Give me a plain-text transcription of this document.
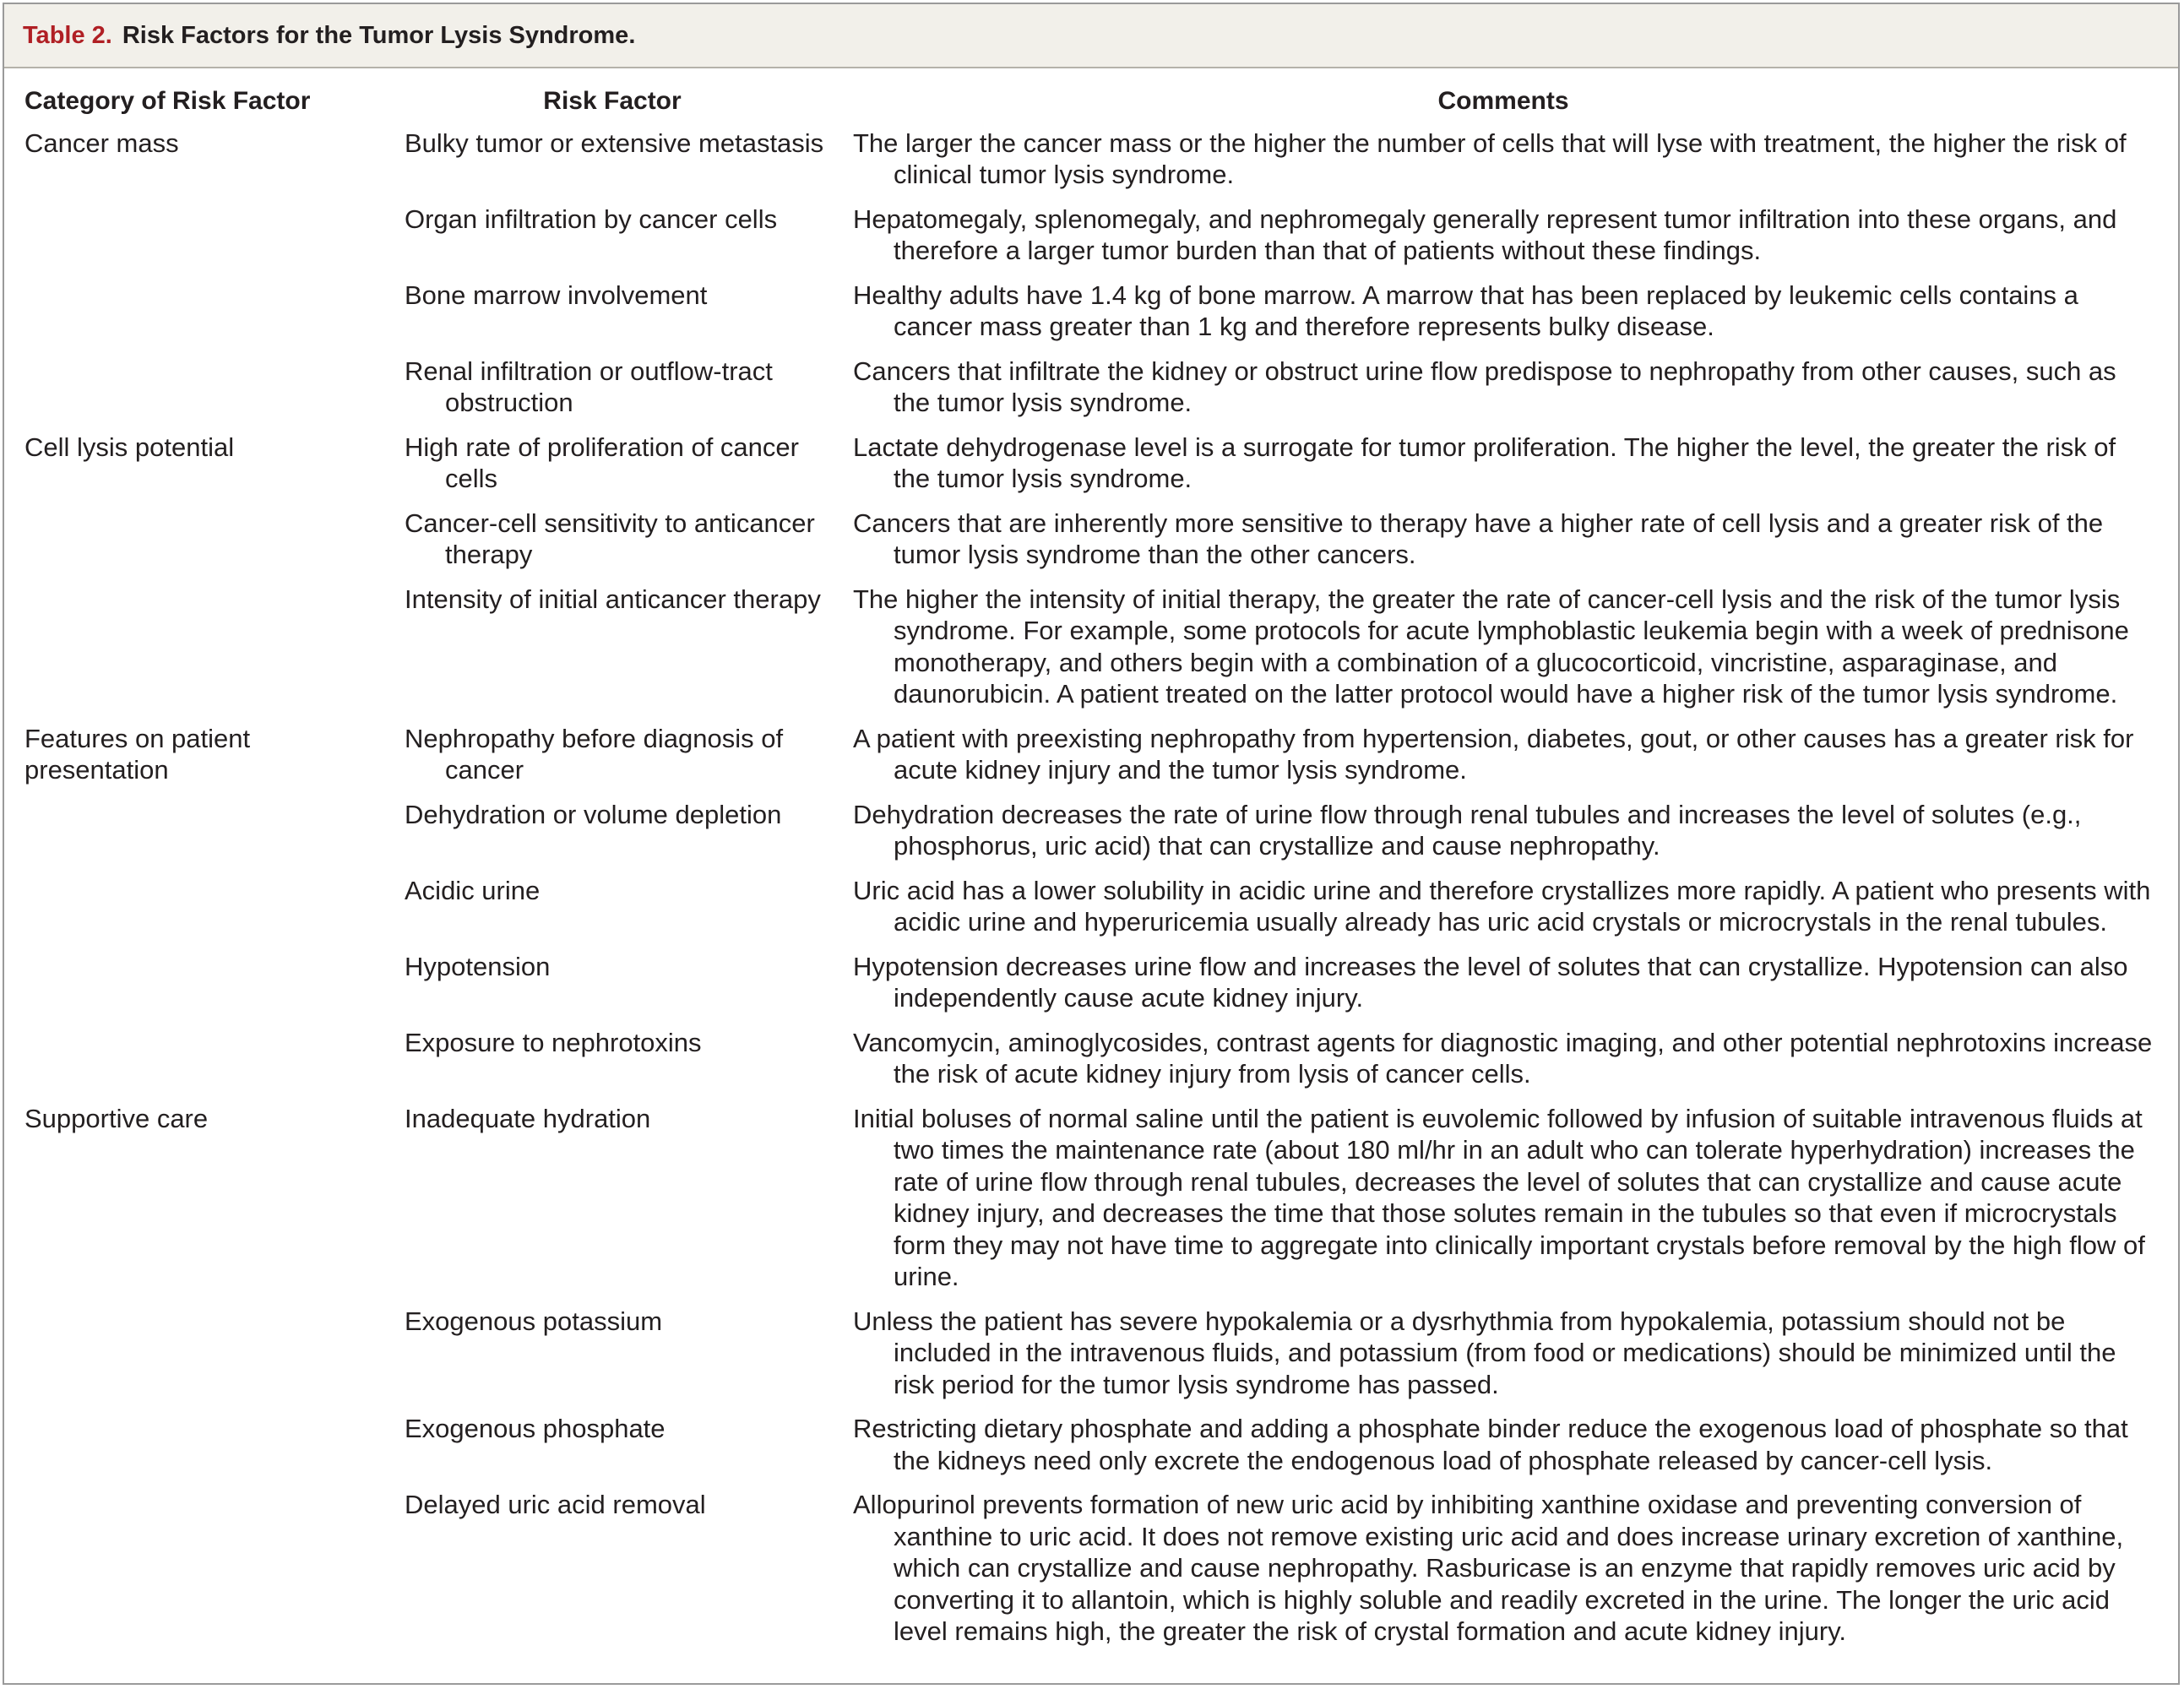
Table 2. Risk Factors for the Tumor Lysis Syndrome.
Category of Risk Factor	Risk Factor	Comments
Cancer mass	Bulky tumor or extensive metastasis	The larger the cancer mass or the higher the number of cells that will lyse with treatment, the higher the risk of clinical tumor lysis syndrome.

	Organ infiltration by cancer cells	Hepatomegaly, splenomegaly, and nephromegaly generally represent tumor infiltration into these organs, and therefore a larger tumor burden than that of patients without these findings.

	Bone marrow involvement	Healthy adults have 1.4 kg of bone marrow. A marrow that has been replaced by leukemic cells contains a cancer mass greater than 1 kg and therefore represents bulky disease.

	Renal infiltration or outflow-tract obstruction	Cancers that infiltrate the kidney or obstruct urine flow predispose to nephropathy from other causes, such as the tumor lysis syndrome.

Cell lysis potential	High rate of proliferation of cancer cells	Lactate dehydrogenase level is a surrogate for tumor proliferation. The higher the level, the greater the risk of the tumor lysis syndrome.

	Cancer-cell sensitivity to anticancer therapy	Cancers that are inherently more sensitive to therapy have a higher rate of cell lysis and a greater risk of the tumor lysis syndrome than the other cancers.

	Intensity of initial anticancer therapy	The higher the intensity of initial therapy, the greater the rate of cancer-cell lysis and the risk of the tumor lysis syndrome. For example, some protocols for acute lymphoblastic leukemia begin with a week of prednisone monotherapy, and others begin with a combination of a glucocorticoid, vincristine, asparaginase, and daunorubicin. A patient treated on the latter protocol would have a higher risk of the tumor lysis syndrome.

Features on patient presentation	Nephropathy before diagnosis of cancer	A patient with preexisting nephropathy from hypertension, diabetes, gout, or other causes has a greater risk for acute kidney injury and the tumor lysis syndrome.

	Dehydration or volume depletion	Dehydration decreases the rate of urine flow through renal tubules and increases the level of solutes (e.g., phosphorus, uric acid) that can crystallize and cause nephropathy.

	Acidic urine	Uric acid has a lower solubility in acidic urine and therefore crystallizes more rapidly. A patient who presents with acidic urine and hyperuricemia usually already has uric acid crystals or microcrystals in the renal tubules.

	Hypotension	Hypotension decreases urine flow and increases the level of solutes that can crystallize. Hypotension can also independently cause acute kidney injury.

	Exposure to nephrotoxins	Vancomycin, aminoglycosides, contrast agents for diagnostic imaging, and other potential nephrotoxins increase the risk of acute kidney injury from lysis of cancer cells.

Supportive care	Inadequate hydration	Initial boluses of normal saline until the patient is euvolemic followed by infusion of suitable intravenous fluids at two times the maintenance rate (about 180 ml/hr in an adult who can tolerate hyperhydration) increases the rate of urine flow through renal tubules, decreases the level of solutes that can crystallize and cause acute kidney injury, and decreases the time that those solutes remain in the tubules so that even if microcrystals form they may not have time to aggregate into clinically important crystals before removal by the high flow of urine.

	Exogenous potassium	Unless the patient has severe hypokalemia or a dysrhythmia from hypokalemia, potassium should not be included in the intravenous fluids, and potassium (from food or medications) should be minimized until the risk period for the tumor lysis syndrome has passed.

	Exogenous phosphate	Restricting dietary phosphate and adding a phosphate binder reduce the exogenous load of phosphate so that the kidneys need only excrete the endogenous load of phosphate released by cancer-cell lysis.

	Delayed uric acid removal	Allopurinol prevents formation of new uric acid by inhibiting xanthine oxidase and preventing conversion of xanthine to uric acid. It does not remove existing uric acid and does increase urinary excretion of xanthine, which can crystallize and cause nephropathy. Rasburicase is an enzyme that rapidly removes uric acid by converting it to allantoin, which is highly soluble and readily excreted in the urine. The longer the uric acid level remains high, the greater the risk of crystal formation and acute kidney injury.
